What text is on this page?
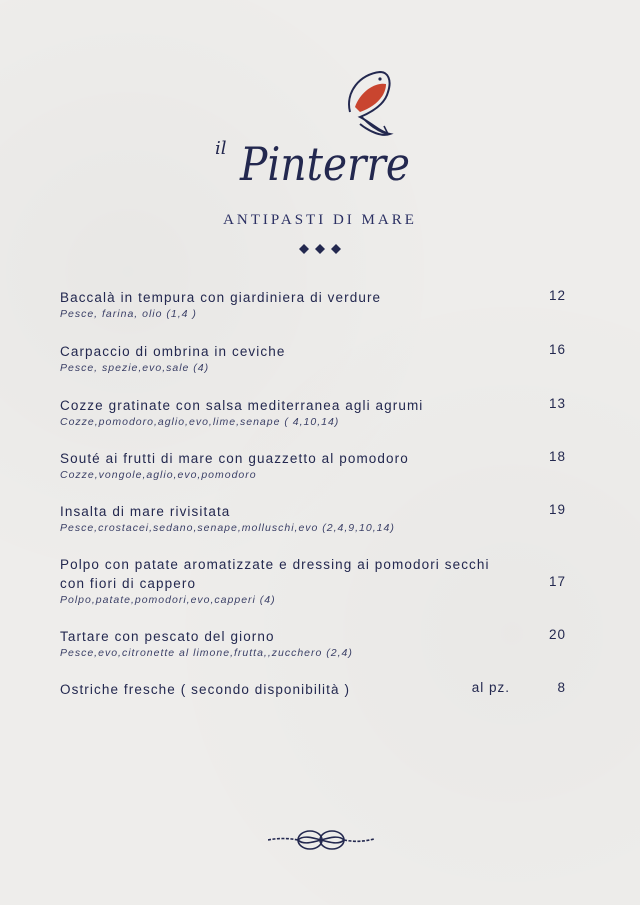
il Pinterre
ANTIPASTI DI MARE
Baccalà in tempura con giardiniera di verdure
Pesce, farina, olio (1,4 )
12
Carpaccio di ombrina in ceviche
Pesce, spezie,evo,sale (4)
16
Cozze gratinate con salsa mediterranea agli agrumi
Cozze,pomodoro,aglio,evo,lime,senape ( 4,10,14)
13
Souté ai frutti di mare con guazzetto al pomodoro
Cozze,vongole,aglio,evo,pomodoro
18
Insalta di mare rivisitata
Pesce,crostacei,sedano,senape,molluschi,evo (2,4,9,10,14)
19
Polpo con patate aromatizzate e dressing ai pomodori secchi
con fiori di cappero
Polpo,patate,pomodori,evo,capperi (4)
17
Tartare con pescato del giorno
Pesce,evo,citronette al limone,frutta,,zucchero (2,4)
20
Ostriche fresche ( secondo disponibilità )	al pz.	8
